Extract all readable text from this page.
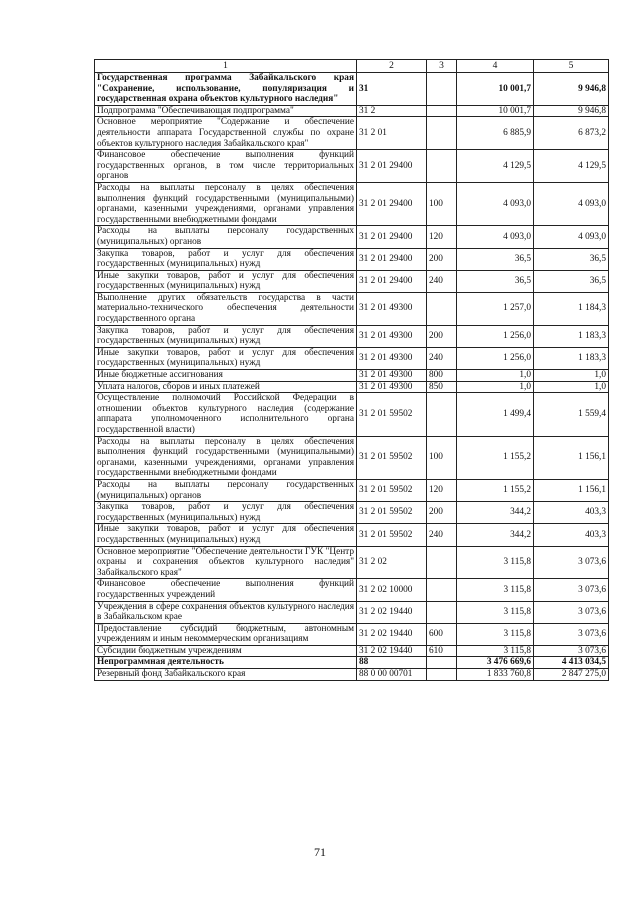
1	2	3	4	5
Государственная программа Забайкальского края "Сохранение, использование, популяризация и государственная охрана объектов культурного наследия"	31		10 001,7	9 946,8
Подпрограмма "Обеспечивающая подпрограмма"	31 2		10 001,7	9 946,8
Основное мероприятие "Содержание и обеспечение деятельности аппарата Государственной службы по охране объектов культурного наследия Забайкальского края"	31 2 01		6 885,9	6 873,2
Финансовое обеспечение выполнения функций государственных органов, в том числе территориальных органов	31 2 01 29400		4 129,5	4 129,5
Расходы на выплаты персоналу в целях обеспечения выполнения функций государственными (муниципальными) органами, казенными учреждениями, органами управления государственными внебюджетными фондами	31 2 01 29400	100	4 093,0	4 093,0
Расходы на выплаты персоналу государственных (муниципальных) органов	31 2 01 29400	120	4 093,0	4 093,0
Закупка товаров, работ и услуг для обеспечения государственных (муниципальных) нужд	31 2 01 29400	200	36,5	36,5
Иные закупки товаров, работ и услуг для обеспечения государственных (муниципальных) нужд	31 2 01 29400	240	36,5	36,5
Выполнение других обязательств государства в части материально-технического обеспечения деятельности государственного органа	31 2 01 49300		1 257,0	1 184,3
Закупка товаров, работ и услуг для обеспечения государственных (муниципальных) нужд	31 2 01 49300	200	1 256,0	1 183,3
Иные закупки товаров, работ и услуг для обеспечения государственных (муниципальных) нужд	31 2 01 49300	240	1 256,0	1 183,3
Иные бюджетные ассигнования	31 2 01 49300	800	1,0	1,0
Уплата налогов, сборов и иных платежей	31 2 01 49300	850	1,0	1,0
Осуществление полномочий Российской Федерации в отношении объектов культурного наследия (содержание аппарата уполномоченного исполнительного органа государственной власти)	31 2 01 59502		1 499,4	1 559,4
Расходы на выплаты персоналу в целях обеспечения выполнения функций государственными (муниципальными) органами, казенными учреждениями, органами управления государственными внебюджетными фондами	31 2 01 59502	100	1 155,2	1 156,1
Расходы на выплаты персоналу государственных (муниципальных) органов	31 2 01 59502	120	1 155,2	1 156,1
Закупка товаров, работ и услуг для обеспечения государственных (муниципальных) нужд	31 2 01 59502	200	344,2	403,3
Иные закупки товаров, работ и услуг для обеспечения государственных (муниципальных) нужд	31 2 01 59502	240	344,2	403,3
Основное мероприятие "Обеспечение деятельности ГУК "Центр охраны и сохранения объектов культурного наследия" Забайкальского края"	31 2 02		3 115,8	3 073,6
Финансовое обеспечение выполнения функций государственных учреждений	31 2 02 10000		3 115,8	3 073,6
Учреждения в сфере сохранения объектов культурного наследия в Забайкальском крае	31 2 02 19440		3 115,8	3 073,6
Предоставление субсидий бюджетным, автономным учреждениям и иным некоммерческим организациям	31 2 02 19440	600	3 115,8	3 073,6
Субсидии бюджетным учреждениям	31 2 02 19440	610	3 115,8	3 073,6
Непрограммная деятельность	88		3 476 669,6	4 413 034,5
Резервный фонд Забайкальского края	88 0 00 00701		1 833 760,8	2 847 275,0
71
